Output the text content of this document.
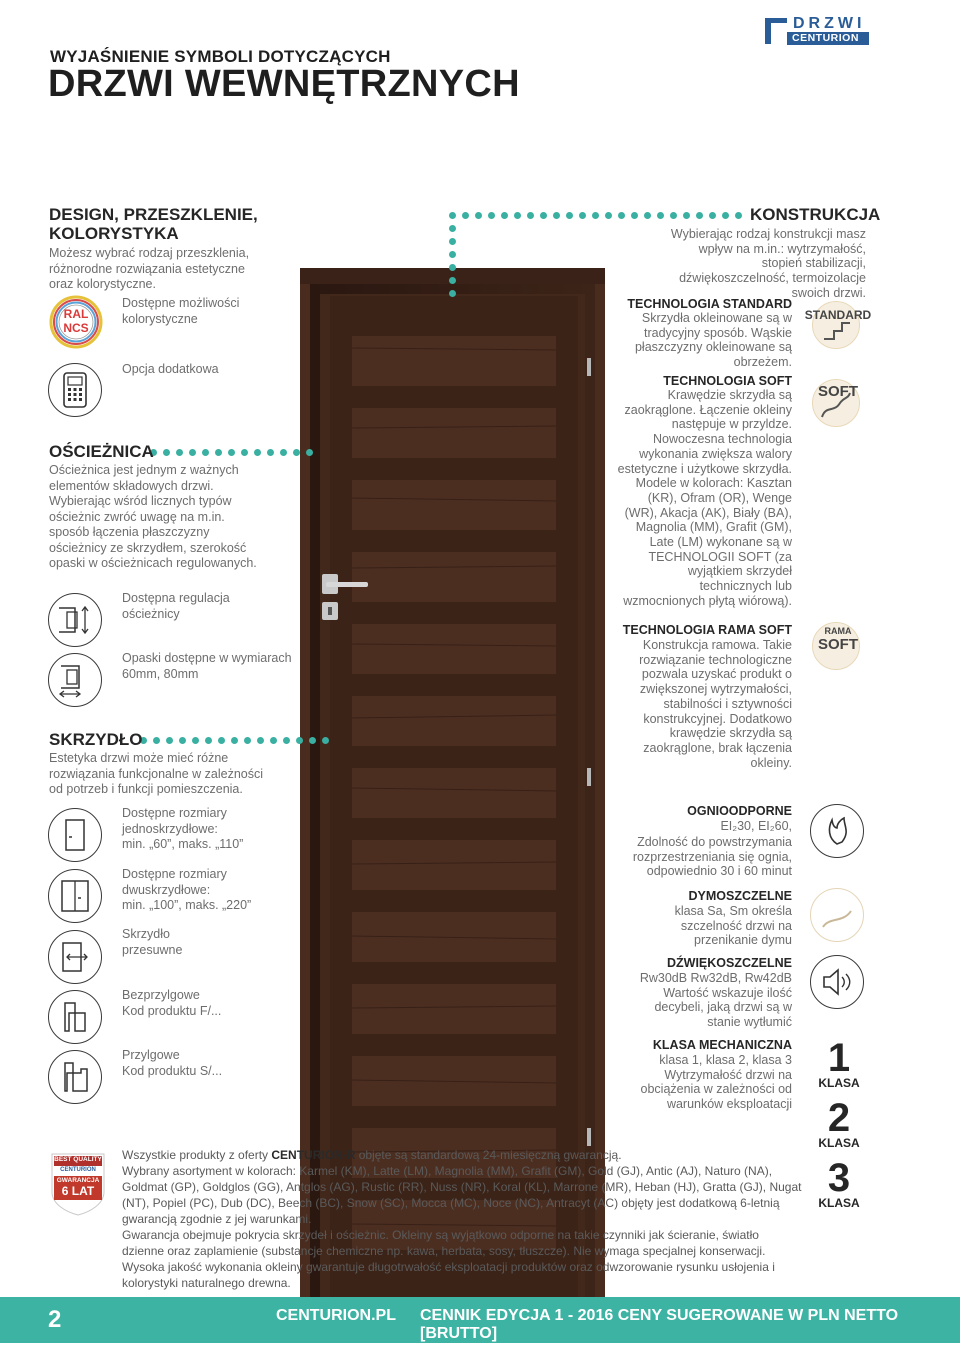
WYJAŚNIENIE SYMBOLI DOTYCZĄCYCH
DRZWI WEWNĘTRZNYCH
DRZWI
CENTURION
DESIGN, PRZESZKLENIE,
KOLORYSTYKA
Możesz wybrać rodzaj przeszklenia, różnorodne rozwiązania estetyczne oraz kolorystyczne.
RAL
NCS
Dostępne możliwości
kolorystyczne
Opcja dodatkowa
OŚCIEŻNICA
Ościeżnica jest jednym z ważnych elementów składowych drzwi. Wybierając wśród licznych typów ościeżnic zwróć uwagę na m.in. sposób łączenia płaszczyzny ościeżnicy ze skrzydłem, szerokość opaski w ościeżnicach regulowanych.
Dostępna regulacja
ościeżnicy
Opaski dostępne w wymiarach
60mm, 80mm
SKRZYDŁO
Estetyka drzwi może mieć różne rozwiązania funkcjonalne w zależności od potrzeb i funkcji pomieszczenia.
Dostępne rozmiary
jednoskrzydłowe:
min. „60”, maks. „110”
Dostępne rozmiary
dwuskrzydłowe:
min. „100”, maks. „220”
Skrzydło
przesuwne
Bezprzylgowe
Kod produktu F/...
Przylgowe
Kod produktu S/...
KONSTRUKCJA
Wybierając rodzaj konstrukcji masz wpływ na m.in.: wytrzymałość, stopień stabilizacji, dźwiękoszczelność, termoizolacje swoich drzwi.
TECHNOLOGIA STANDARD
Skrzydła okleinowane są w tradycyjny sposób. Wąskie płaszczyzny okleinowane są obrzeżem.
STANDARD
TECHNOLOGIA SOFT
Krawędzie skrzydła są zaokrąglone. Łączenie okleiny następuje w przyldze. Nowoczesna technologia wykonania zwiększa walory estetyczne i użytkowe skrzydła. Modele w kolorach: Kasztan (KR), Ofram (OR), Wenge (WR), Akacja (AK), Biały (BA), Magnolia (MM), Grafit (GM), Late (LM) wykonane są w TECHNOLOGII SOFT (za wyjątkiem skrzydeł technicznych lub wzmocnionych płytą wiórową).
SOFT
TECHNOLOGIA RAMA SOFT
Konstrukcja ramowa. Takie rozwiązanie technologiczne pozwala uzyskać produkt o zwiększonej wytrzymałości, stabilności i sztywności konstrukcyjnej. Dodatkowo krawędzie skrzydła są zaokrąglone, brak łączenia okleiny.
RAMA
SOFT
OGNIOODPORNE
EI₂30, EI₂60,
Zdolność do powstrzymania rozprzestrzeniania się ognia, odpowiednio 30 i 60 minut
DYMOSZCZELNE
klasa Sa, Sm określa szczelność drzwi na przenikanie dymu
DŹWIĘKOSZCZELNE
Rw30dB Rw32dB, Rw42dB Wartość wskazuje ilość decybeli, jaką drzwi są w stanie wytłumić
KLASA MECHANICZNA
klasa 1, klasa 2, klasa 3 Wytrzymałość drzwi na obciążenia w zależności od warunków eksploatacji
1
KLASA
2
KLASA
3
KLASA
BEST QUALITY
CENTURION
GWARANCJA
6 LAT
Wszystkie produkty z oferty CENTURION-R objęte są standardową 24-miesięczną gwarancją.
Wybrany asortyment w kolorach: Karmel (KM), Latte (LM), Magnolia (MM), Grafit (GM), Gold (GJ), Antic (AJ), Naturo (NA), Goldmat (GP), Goldglos (GG), Antglos (AG), Rustic (RR), Nuss (NR), Koral (KL), Marrone (MR), Heban (HJ), Gratta (GJ), Nugat (NT), Popiel (PC), Dub (DC), Beech (BC), Snow (SC), Mocca (MC), Noce (NC), Antracyt (AC) objęty jest dodatkową 6-letnią gwarancją zgodnie z jej warunkami.
Gwarancja obejmuje pokrycia skrzydeł i ościeżnic. Okleiny są wyjątkowo odporne na takie czynniki jak ścieranie, światło dzienne oraz zaplamienie (substancje chemiczne np. kawa, herbata, sosy, tłuszcze). Nie wymaga specjalnej konserwacji. Wysoka jakość wykonania okleiny gwarantuje długotrwałość eksploatacji produktów oraz odwzorowanie rysunku usłojenia i kolorystyki naturalnego drewna.
2	CENTURION.PL CENNIK EDYCJA 1 - 2016 CENY SUGEROWANE W PLN NETTO [BRUTTO]
